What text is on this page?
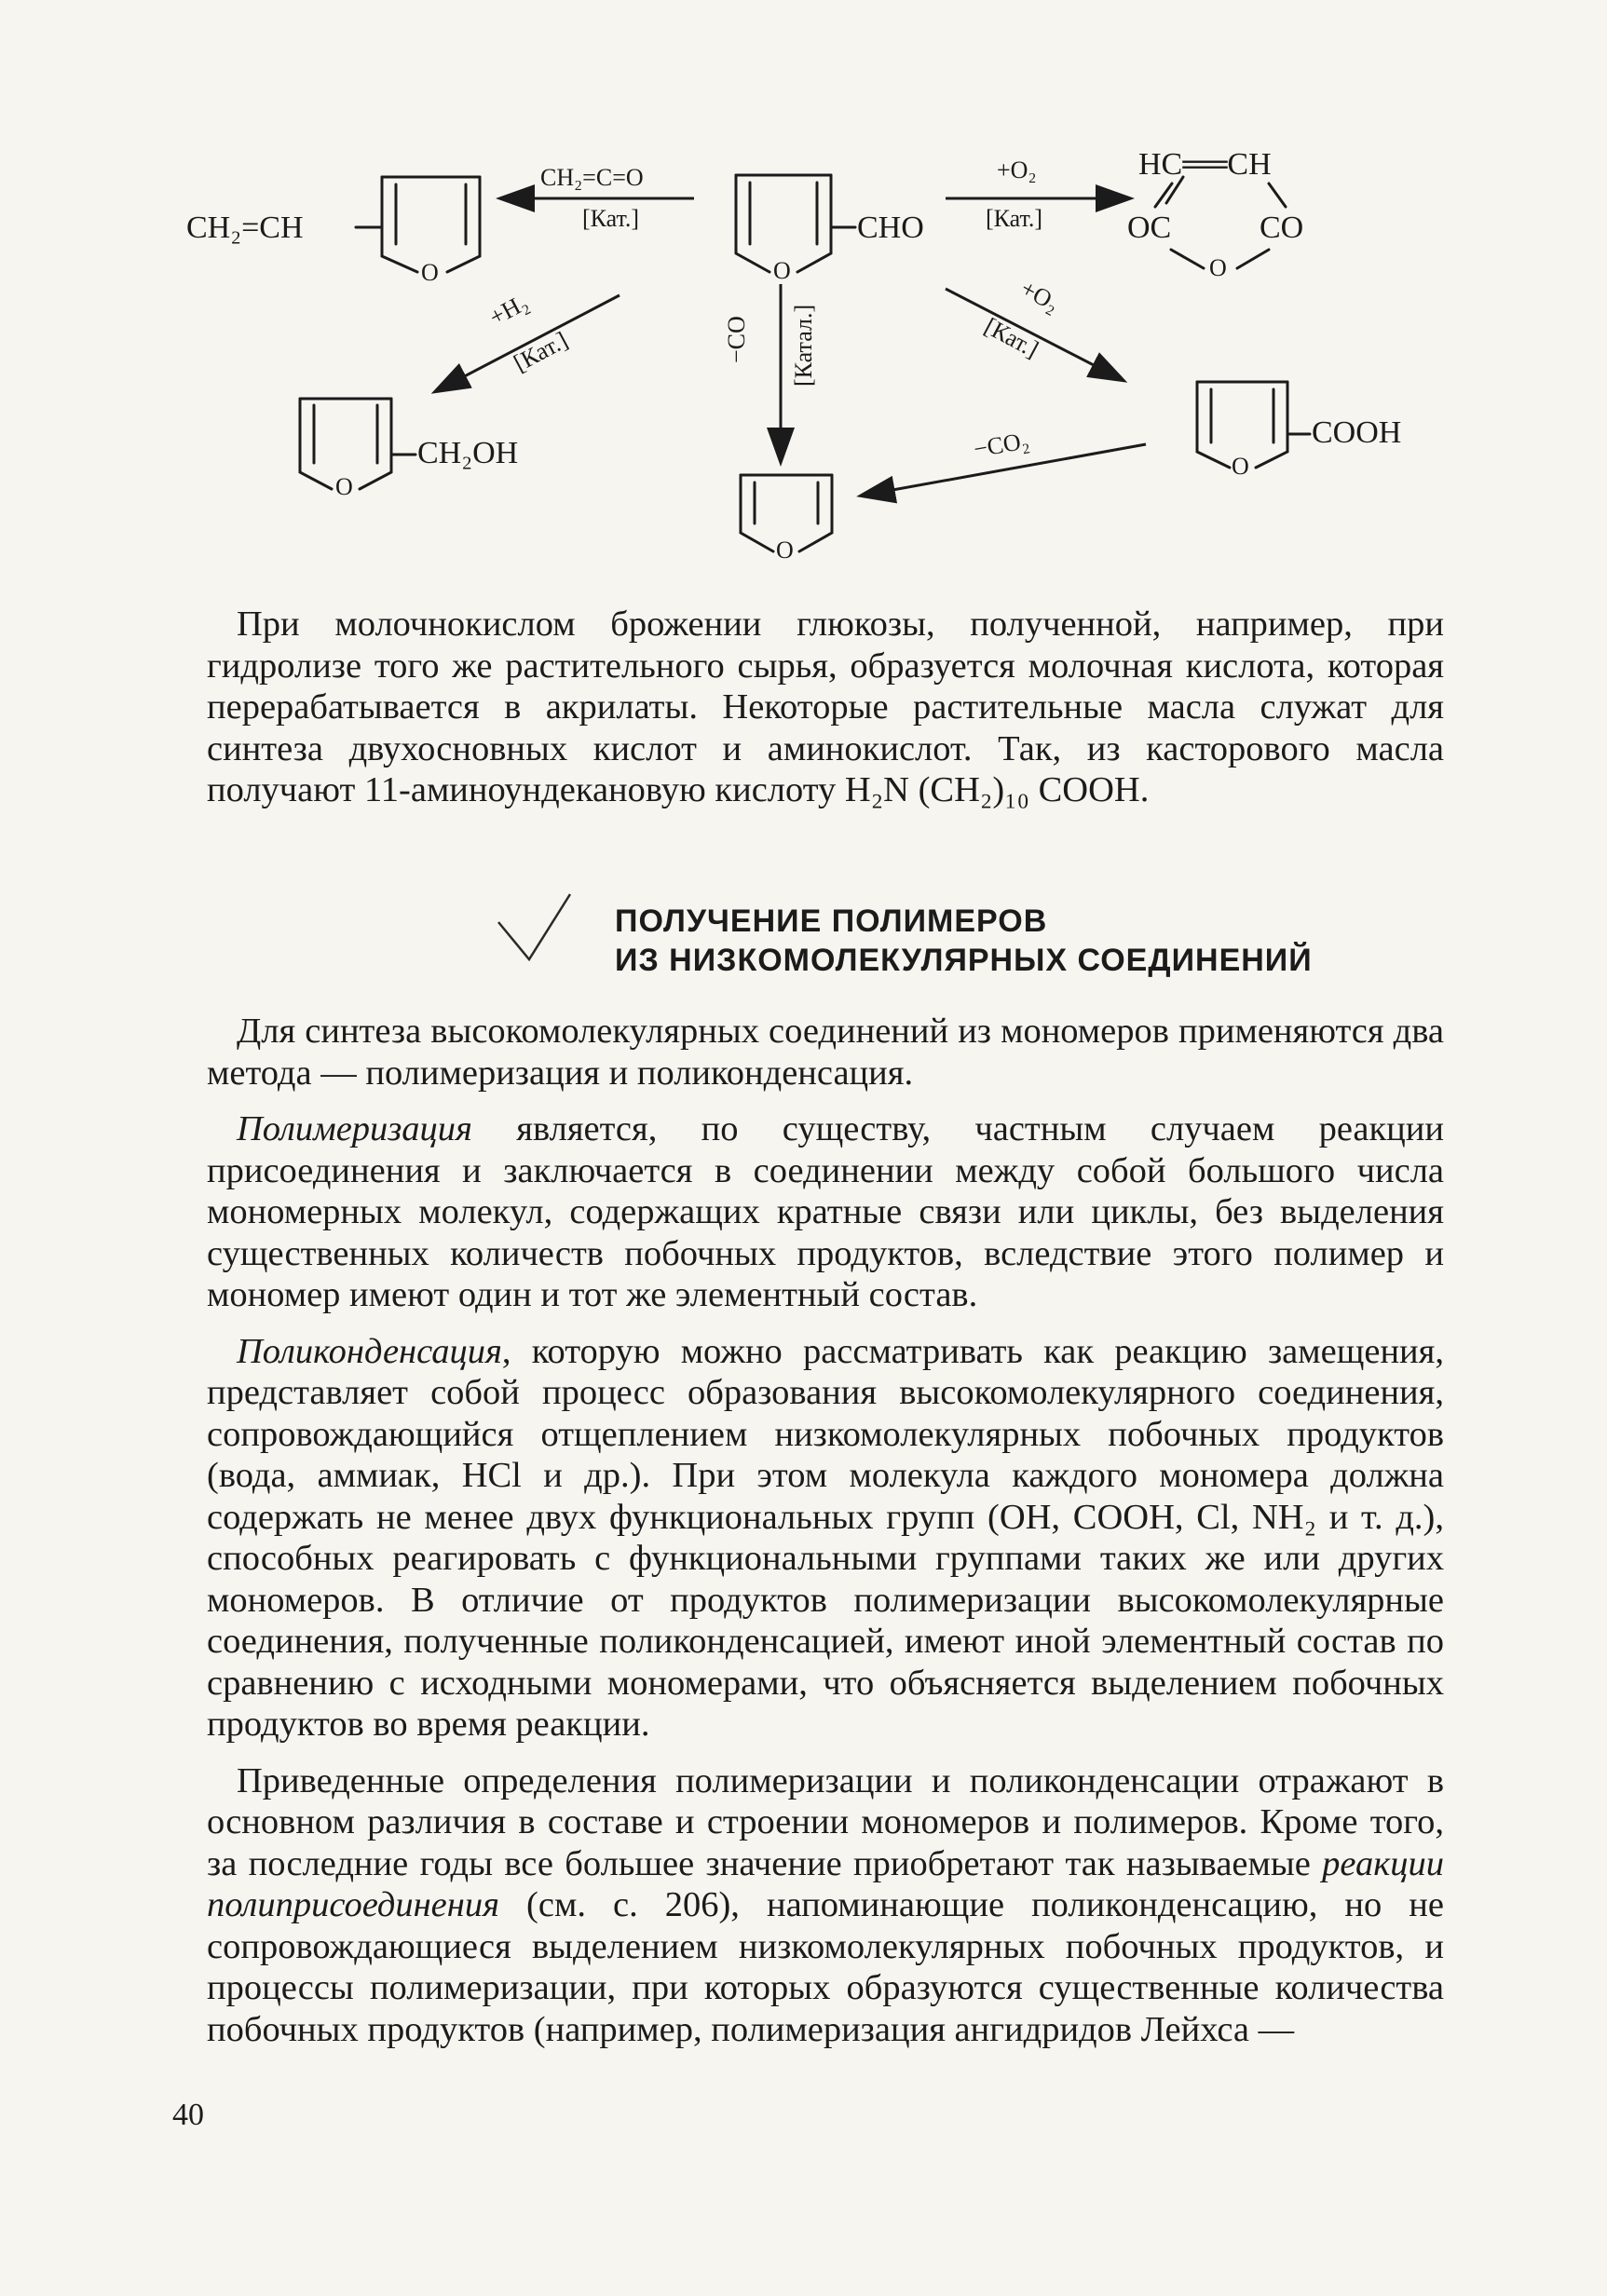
CH₂=CH
O
CH₂=C=O
[Кат.]
O
CHO
+O₂
[Кат.]
HC══CH
OC	CO
O
+H₂
[Кат.]
O
CH₂OH
−CO [Катал.]
+O₂
[Кат.]
O
COOH
−CO₂
O

При молочнокислом брожении глюкозы, полученной, например, при гидролизе того же растительного сырья, образуется молочная кислота, которая перерабатывается в акрилаты. Некоторые растительные масла служат для синтеза двухосновных кислот и аминокислот. Так, из касторового масла получают 11-аминоундекановую кислоту H₂N (CH₂)₁₀ COOH.

ПОЛУЧЕНИЕ ПОЛИМЕРОВ
ИЗ НИЗКОМОЛЕКУЛЯРНЫХ СОЕДИНЕНИЙ

Для синтеза высокомолекулярных соединений из мономеров применяются два метода — полимеризация и поликонденсация.

Полимеризация является, по существу, частным случаем реакции присоединения и заключается в соединении между собой большого числа мономерных молекул, содержащих кратные связи или циклы, без выделения существенных количеств побочных продуктов, вследствие этого полимер и мономер имеют один и тот же элементный состав.

Поликонденсация, которую можно рассматривать как реакцию замещения, представляет собой процесс образования высокомолекулярного соединения, сопровождающийся отщеплением низкомолекулярных побочных продуктов (вода, аммиак, HCl и др.). При этом молекула каждого мономера должна содержать не менее двух функциональных групп (OH, COOH, Cl, NH₂ и т. д.), способных реагировать с функциональными группами таких же или других мономеров. В отличие от продуктов полимеризации высокомолекулярные соединения, полученные поликонденсацией, имеют иной элементный состав по сравнению с исходными мономерами, что объясняется выделением побочных продуктов во время реакции.

Приведенные определения полимеризации и поликонденсации отражают в основном различия в составе и строении мономеров и полимеров. Кроме того, за последние годы все большее значение приобретают так называемые реакции полиприсоединения (см. с. 206), напоминающие поликонденсацию, но не сопровождающиеся выделением низкомолекулярных побочных продуктов, и процессы полимеризации, при которых образуются существенные количества побочных продуктов (например, полимеризация ангидридов Лейхса —

40
